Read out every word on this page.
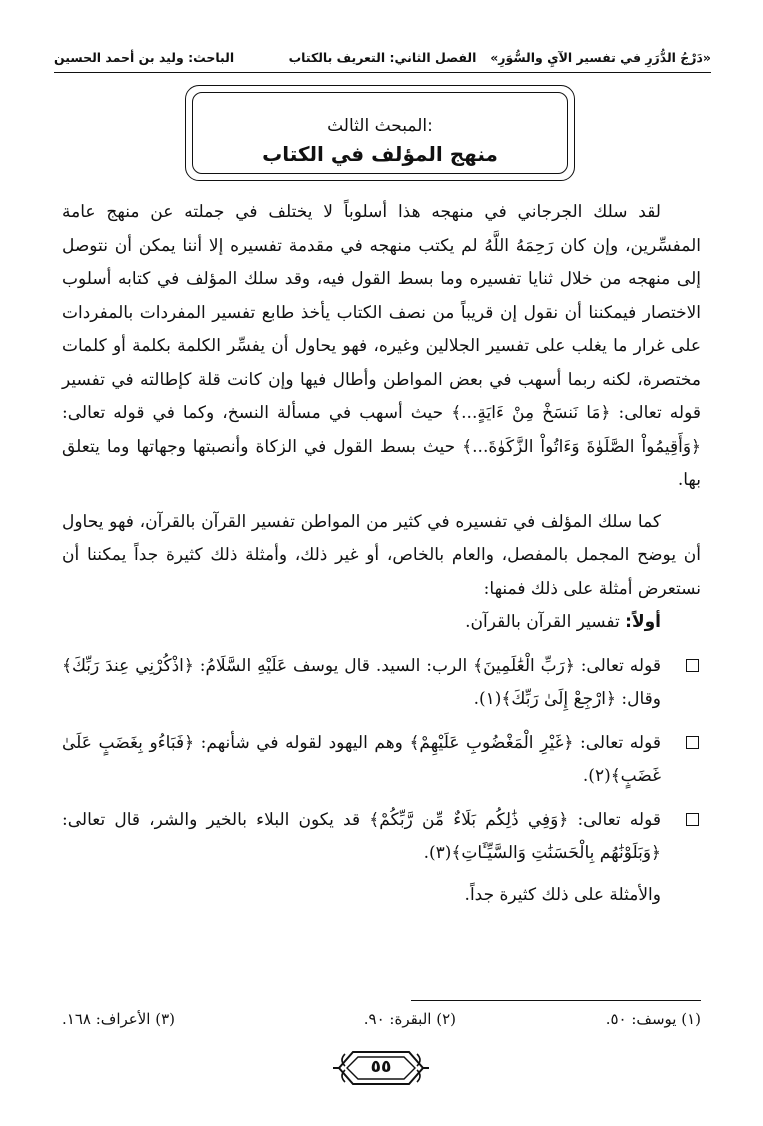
«دَرْجُ الدُّرَرِ في تفسير الآيِ والسُّوَرِ»
الفصل الثاني: التعريف بالكتاب
الباحث: وليد بن أحمد الحسين
المبحث الثالث:
منهج المؤلف في الكتاب

لقد سلك الجرجاني في منهجه هذا أسلوباً لا يختلف في جملته عن منهج عامة المفسِّرين، وإن كان رَحِمَهُ اللَّهُ لم يكتب منهجه في مقدمة تفسيره إلا أننا يمكن أن نتوصل إلى منهجه من خلال ثنايا تفسيره وما بسط القول فيه، وقد سلك المؤلف في كتابه أسلوب الاختصار فيمكننا أن نقول إن قريباً من نصف الكتاب يأخذ طابع تفسير المفردات بالمفردات على غرار ما يغلب على تفسير الجلالين وغيره، فهو يحاول أن يفسِّر الكلمة بكلمة أو كلمات مختصرة، لكنه ربما أسهب في بعض المواطن وأطال فيها وإن كانت قلة كإطالته في تفسير قوله تعالى: ﴿مَا نَنسَخْ مِنْ ءَايَةٍ...﴾ حيث أسهب في مسألة النسخ، وكما في قوله تعالى: ﴿وَأَقِيمُواْ الصَّلَوٰةَ وَءَاتُواْ الزَّكَوٰةَ...﴾ حيث بسط القول في الزكاة وأنصبتها وجهاتها وما يتعلق بها.

كما سلك المؤلف في تفسيره في كثير من المواطن تفسير القرآن بالقرآن، فهو يحاول أن يوضح المجمل بالمفصل، والعام بالخاص، أو غير ذلك، وأمثلة ذلك كثيرة جداً يمكننا أن نستعرض أمثلة على ذلك فمنها:

أولاً: تفسير القرآن بالقرآن.

قوله تعالى: ﴿رَبِّ الْعَٰلَمِينَ﴾ الرب: السيد. قال يوسف عَلَيْهِ السَّلَامُ: ﴿اذْكُرْنِي عِندَ رَبِّكَ﴾ وقال: ﴿ارْجِعْ إِلَىٰ رَبِّكَ﴾(١).
قوله تعالى: ﴿غَيْرِ الْمَغْضُوبِ عَلَيْهِمْ﴾ وهم اليهود لقوله في شأنهم: ﴿فَبَاءُو بِغَضَبٍ عَلَىٰ غَضَبٍ﴾(٢).
قوله تعالى: ﴿وَفِي ذَٰلِكُم بَلَاءٌ مِّن رَّبِّكُمْ﴾ قد يكون البلاء بالخير والشر، قال تعالى: ﴿وَبَلَوْنَٰهُم بِالْحَسَنَٰتِ وَالسَّيِّـَٔاتِ﴾(٣).

والأمثلة على ذلك كثيرة جداً.

(١) يوسف: ٥٠.
(٢) البقرة: ٩٠.
(٣) الأعراف: ١٦٨.
٥٥
